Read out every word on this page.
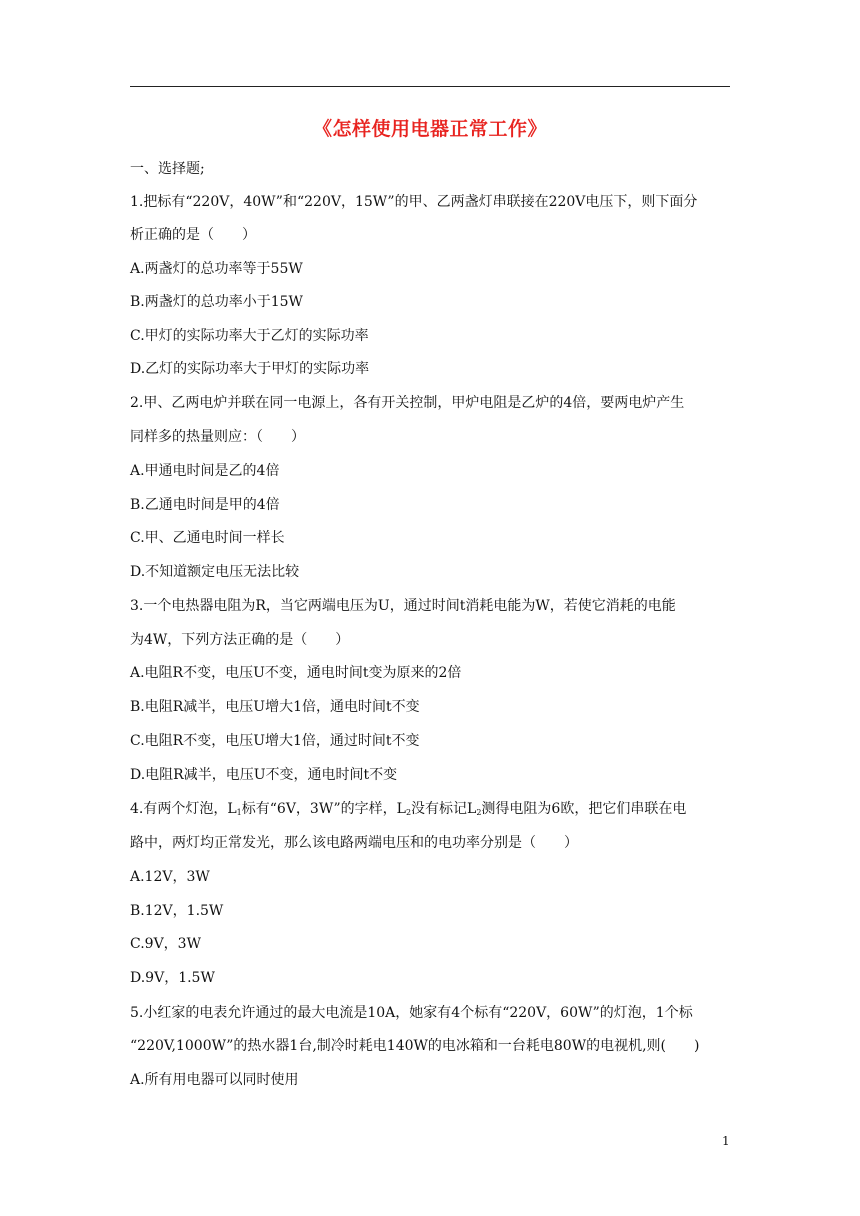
《怎样使用电器正常工作》
一、选择题;
1.把标有“220V，40W”和“220V，15W”的甲、乙两盏灯串联接在220V电压下，则下面分
析正确的是（　　）
A.两盏灯的总功率等于55W
B.两盏灯的总功率小于15W
C.甲灯的实际功率大于乙灯的实际功率
D.乙灯的实际功率大于甲灯的实际功率
2.甲、乙两电炉并联在同一电源上，各有开关控制，甲炉电阻是乙炉的4倍，要两电炉产生
同样多的热量则应：（　　）
A.甲通电时间是乙的4倍
B.乙通电时间是甲的4倍
C.甲、乙通电时间一样长
D.不知道额定电压无法比较
3.一个电热器电阻为R，当它两端电压为U，通过时间t消耗电能为W，若使它消耗的电能
为4W，下列方法正确的是（　　）
A.电阻R不变，电压U不变，通电时间t变为原来的2倍
B.电阻R减半，电压U增大1倍，通电时间t不变
C.电阻R不变，电压U增大1倍，通过时间t不变
D.电阻R减半，电压U不变，通电时间t不变
4.有两个灯泡，$L_1$标有“6V，3W”的字样，$L_2$没有标记$L_2$测得电阻为6欧，把它们串联在电
路中，两灯均正常发光，那么该电路两端电压和的电功率分别是（　　）
A.12V，3W
B.12V，1.5W
C.9V，3W
D.9V，1.5W
5.小红家的电表允许通过的最大电流是10A，她家有4个标有“220V，60W”的灯泡，1个标
“220V,1000W”的热水器1台,制冷时耗电140W的电冰箱和一台耗电80W的电视机,则(　　)
A.所有用电器可以同时使用
1
